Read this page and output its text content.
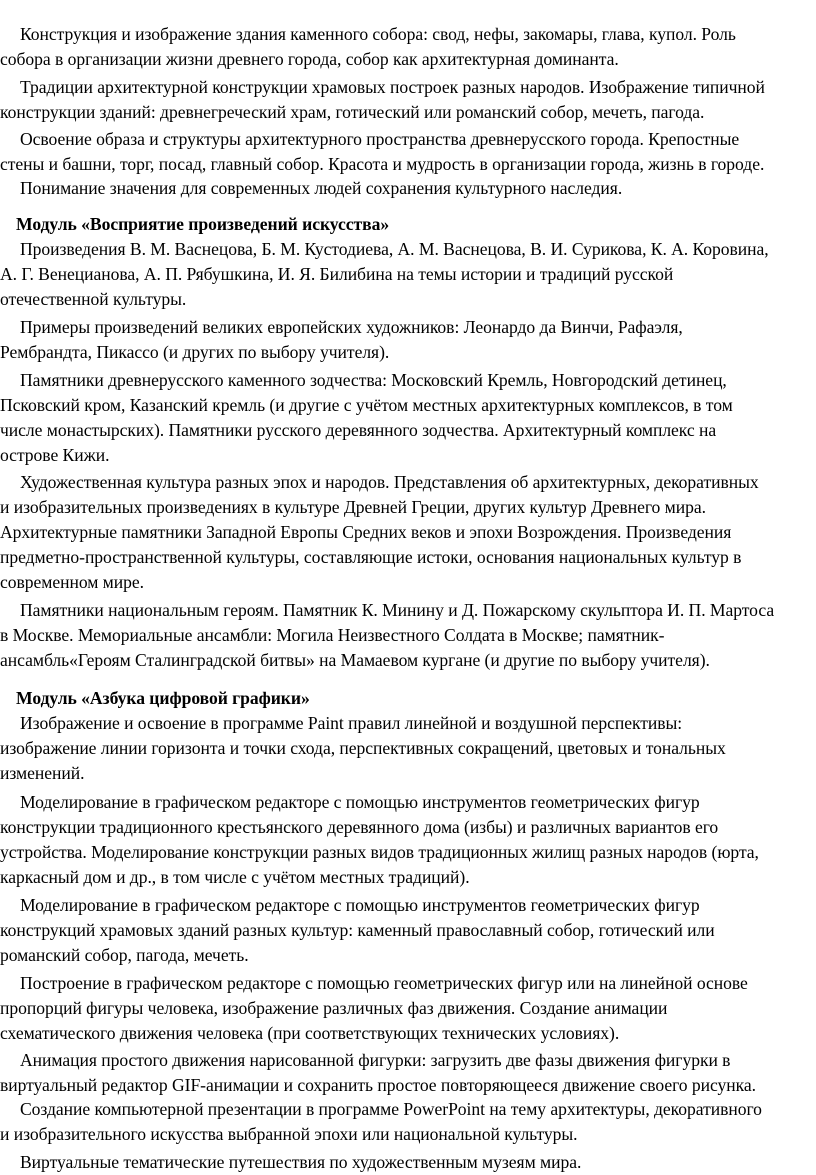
Конструкция и изображение здания каменного собора: свод, нефы, закомары, глава, купол. Роль
собора в организации жизни древнего города, собор как архитектурная доминанта.
Традиции архитектурной конструкции храмовых построек разных народов. Изображение типичной
конструкции зданий: древнегреческий храм, готический или романский собор, мечеть, пагода.
Освоение образа и структуры архитектурного пространства древнерусского города. Крепостные
стены и башни, торг, посад, главный собор. Красота и мудрость в организации города, жизнь в городе.
Понимание значения для современных людей сохранения культурного наследия.
Модуль «Восприятие произведений искусства»
Произведения В. М. Васнецова, Б. М. Кустодиева, А. М. Васнецова, В. И. Сурикова, К. А. Коровина,
А. Г. Венецианова, А. П. Рябушкина, И. Я. Билибина на темы истории и традиций русской
отечественной культуры.
Примеры произведений великих европейских художников: Леонардо да Винчи, Рафаэля,
Рембрандта, Пикассо (и других по выбору учителя).
Памятники древнерусского каменного зодчества: Московский Кремль, Новгородский детинец,
Псковский кром, Казанский кремль (и другие с учётом местных архитектурных комплексов, в том
числе монастырских). Памятники русского деревянного зодчества. Архитектурный комплекс на
острове Кижи.
Художественная культура разных эпох и народов. Представления об архитектурных, декоративных
и изобразительных произведениях в культуре Древней Греции, других культур Древнего мира.
Архитектурные памятники Западной Европы Средних веков и эпохи Возрождения. Произведения
предметно-пространственной культуры, составляющие истоки, основания национальных культур в
современном мире.
Памятники национальным героям. Памятник К. Минину и Д. Пожарскому скульптора И. П. Мартоса
в Москве. Мемориальные ансамбли: Могила Неизвестного Солдата в Москве; памятник-
ансамбль«Героям Сталинградской битвы» на Мамаевом кургане (и другие по выбору учителя).
Модуль «Азбука цифровой графики»
Изображение и освоение в программе Paint правил линейной и воздушной перспективы:
изображение линии горизонта и точки схода, перспективных сокращений, цветовых и тональных
изменений.
Моделирование в графическом редакторе с помощью инструментов геометрических фигур
конструкции традиционного крестьянского деревянного дома (избы) и различных вариантов его
устройства. Моделирование конструкции разных видов традиционных жилищ разных народов (юрта,
каркасный дом и др., в том числе с учётом местных традиций).
Моделирование в графическом редакторе с помощью инструментов геометрических фигур
конструкций храмовых зданий разных культур: каменный православный собор, готический или
романский собор, пагода, мечеть.
Построение в графическом редакторе с помощью геометрических фигур или на линейной основе
пропорций фигуры человека, изображение различных фаз движения. Создание анимации
схематического движения человека (при соответствующих технических условиях).
Анимация простого движения нарисованной фигурки: загрузить две фазы движения фигурки в
виртуальный редактор GIF-анимации и сохранить простое повторяющееся движение своего рисунка.
Создание компьютерной презентации в программе PowerPoint на тему архитектуры, декоративного
и изобразительного искусства выбранной эпохи или национальной культуры.
Виртуальные тематические путешествия по художественным музеям мира.
